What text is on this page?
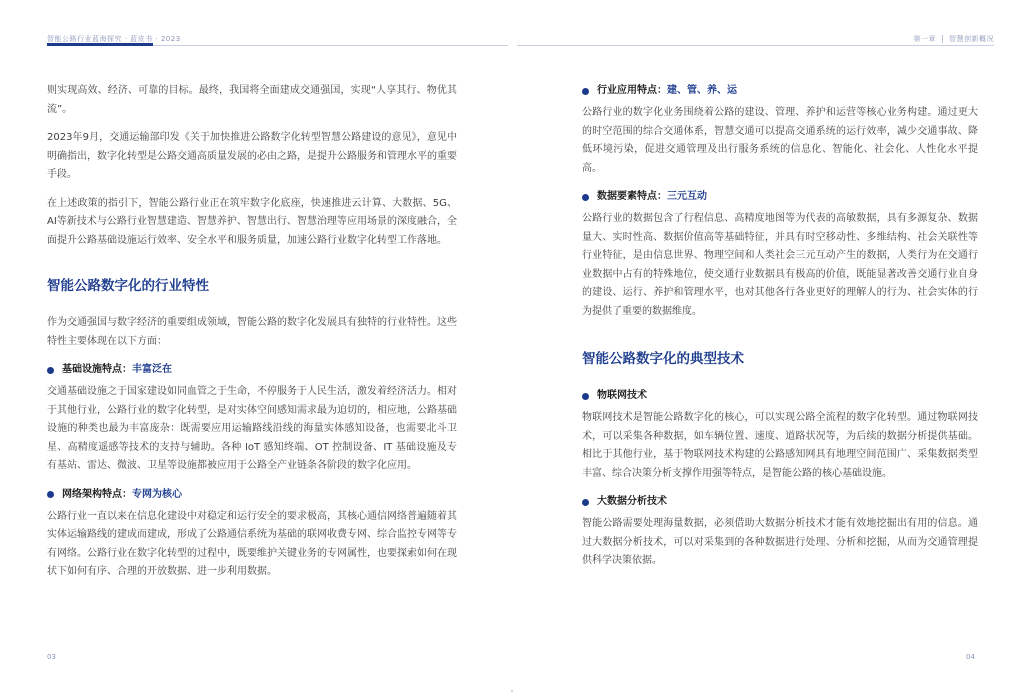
智能公路行业蓝海探究 · 蓝皮书 · 2023	第一章 智慧创新概况

则实现高效、经济、可靠的目标。最终，我国将全面建成交通强国，实现“人享其行、物优其流”。

2023年9月，交通运输部印发《关于加快推进公路数字化转型智慧公路建设的意见》，意见中明确指出，数字化转型是公路交通高质量发展的必由之路，是提升公路服务和管理水平的重要手段。

在上述政策的指引下，智能公路行业正在筑牢数字化底座，快速推进云计算、大数据、5G、AI等新技术与公路行业智慧建造、智慧养护、智慧出行、智慧治理等应用场景的深度融合，全面提升公路基础设施运行效率、安全水平和服务质量，加速公路行业数字化转型工作落地。

智能公路数字化的行业特性

作为交通强国与数字经济的重要组成领域，智能公路的数字化发展具有独特的行业特性。这些特性主要体现在以下方面：

基础设施特点： 丰富泛在

交通基础设施之于国家建设如同血管之于生命，不停服务于人民生活，激发着经济活力。相对于其他行业，公路行业的数字化转型，是对实体空间感知需求最为迫切的，相应地，公路基础设施的种类也最为丰富庞杂：既需要应用运输路线沿线的海量实体感知设备，也需要北斗卫星、高精度遥感等技术的支持与辅助。各种 IoT 感知终端、OT 控制设备、IT 基础设施及专有基站、雷达、微波、卫星等设施都被应用于公路全产业链条各阶段的数字化应用。

网络架构特点： 专网为核心

公路行业一直以来在信息化建设中对稳定和运行安全的要求极高，其核心通信网络普遍随着其实体运输路线的建成而建成，形成了公路通信系统为基础的联网收费专网、综合监控专网等专有网络。公路行业在数字化转型的过程中，既要维护关键业务的专网属性，也要探索如何在现状下如何有序、合理的开放数据、进一步利用数据。

行业应用特点： 建、管、养、运

公路行业的数字化业务围绕着公路的建设、管理、养护和运营等核心业务构建。通过更大的时空范围的综合交通体系，智慧交通可以提高交通系统的运行效率，减少交通事故、降低环境污染，促进交通管理及出行服务系统的信息化、智能化、社会化、人性化水平提高。

数据要素特点： 三元互动

公路行业的数据包含了行程信息、高精度地图等为代表的高敏数据，具有多源复杂、数据量大、实时性高、数据价值高等基础特征，并具有时空移动性、多维结构、社会关联性等行业特征，是由信息世界、物理空间和人类社会三元互动产生的数据，人类行为在交通行业数据中占有的特殊地位，使交通行业数据具有极高的价值，既能显著改善交通行业自身的建设、运行、养护和管理水平，也对其他各行各业更好的理解人的行为、社会实体的行为提供了重要的数据维度。

智能公路数字化的典型技术
物联网技术

物联网技术是智能公路数字化的核心，可以实现公路全流程的数字化转型。通过物联网技术，可以采集各种数据，如车辆位置、速度、道路状况等，为后续的数据分析提供基础。相比于其他行业，基于物联网技术构建的公路感知网具有地理空间范围广、采集数据类型丰富、综合决策分析支撑作用强等特点，是智能公路的核心基础设施。

大数据分析技术

智能公路需要处理海量数据，必须借助大数据分析技术才能有效地挖掘出有用的信息。通过大数据分析技术，可以对采集到的各种数据进行处理、分析和挖掘，从而为交通管理提供科学决策依据。

03	04
